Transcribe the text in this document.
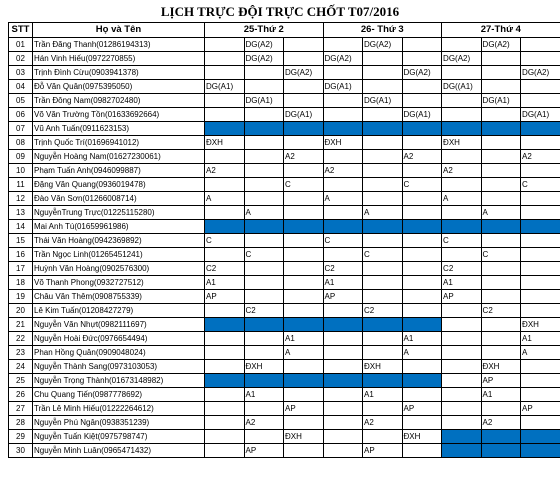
LỊCH TRỰC ĐỘI TRỰC CHỐT T07/2016
STT	Họ và Tên	25-Thứ 2			26- Thứ 3			27-Thứ 4		
01	Trần Đăng Thanh(01286194313)		DG(A2)			DG(A2)			DG(A2)	
02	Hán Vinh Hiếu(0972270855)		DG(A2)		DG(A2)			DG(A2)		
03	Trịnh Đình Cừu(0903941378)			DG(A2)			DG(A2)			DG(A2)
04	Đỗ Văn Quân(0975395050)	DG(A1)			DG(A1)			DG((A1)		
05	Trần Đông Nam(0982702480)		DG(A1)			DG(A1)			DG(A1)	
06	Võ Văn Trường Tồn(01633692664)			DG(A1)			DG(A1)			DG(A1)
07	Vũ Anh Tuấn(0911623153)									
08	Trịnh Quốc Trí(01696941012)	ĐXH			ĐXH			ĐXH		
09	Nguyễn Hoàng Nam(01627230061)			A2			A2			A2
10	Phạm Tuấn Anh(0946099887)	A2			A2			A2		
11	Đặng Văn Quang(0936019478)			C			C			C
12	Đào Văn Sơn(01266008714)	A			A			A		
13	NguyễnTrung Trực(01225115280)		A			A			A	
14	Mai Anh Tú(01659961986)									
15	Thái Văn Hoàng(0942369892)	C			C			C		
16	Trần Ngọc Linh(01265451241)		C			C			C	
17	Huỳnh Văn Hoàng(0902576300)	C2			C2			C2		
18	Võ Thanh Phong(0932727512)	A1			A1			A1		
19	Châu Văn Thêm(0908755339)	AP			AP			AP		
20	Lê Kim Tuấn(01208427279)		C2			C2			C2	
21	Nguyễn Văn Nhựt(0982111697)									ĐXH
22	Nguyễn Hoài Đức(0976654494)			A1			A1			A1
23	Phan Hồng Quân(0909048024)			A			A			A
24	Nguyễn Thành Sang(0973103053)		ĐXH			ĐXH			ĐXH	
25	Nguyễn Trọng Thành(01673148982)								AP	
26	Chu Quang Tiến(0987778692)		A1			A1			A1	
27	Trần Lê Minh Hiếu(01222264612)			AP			AP			AP
28	Nguyễn Phú Ngân(0938351239)		A2			A2			A2	
29	Nguyễn Tuấn Kiệt(0975798747)			ĐXH			ĐXH			
30	Nguyễn Minh Luân(0965471432)		AP			AP				
